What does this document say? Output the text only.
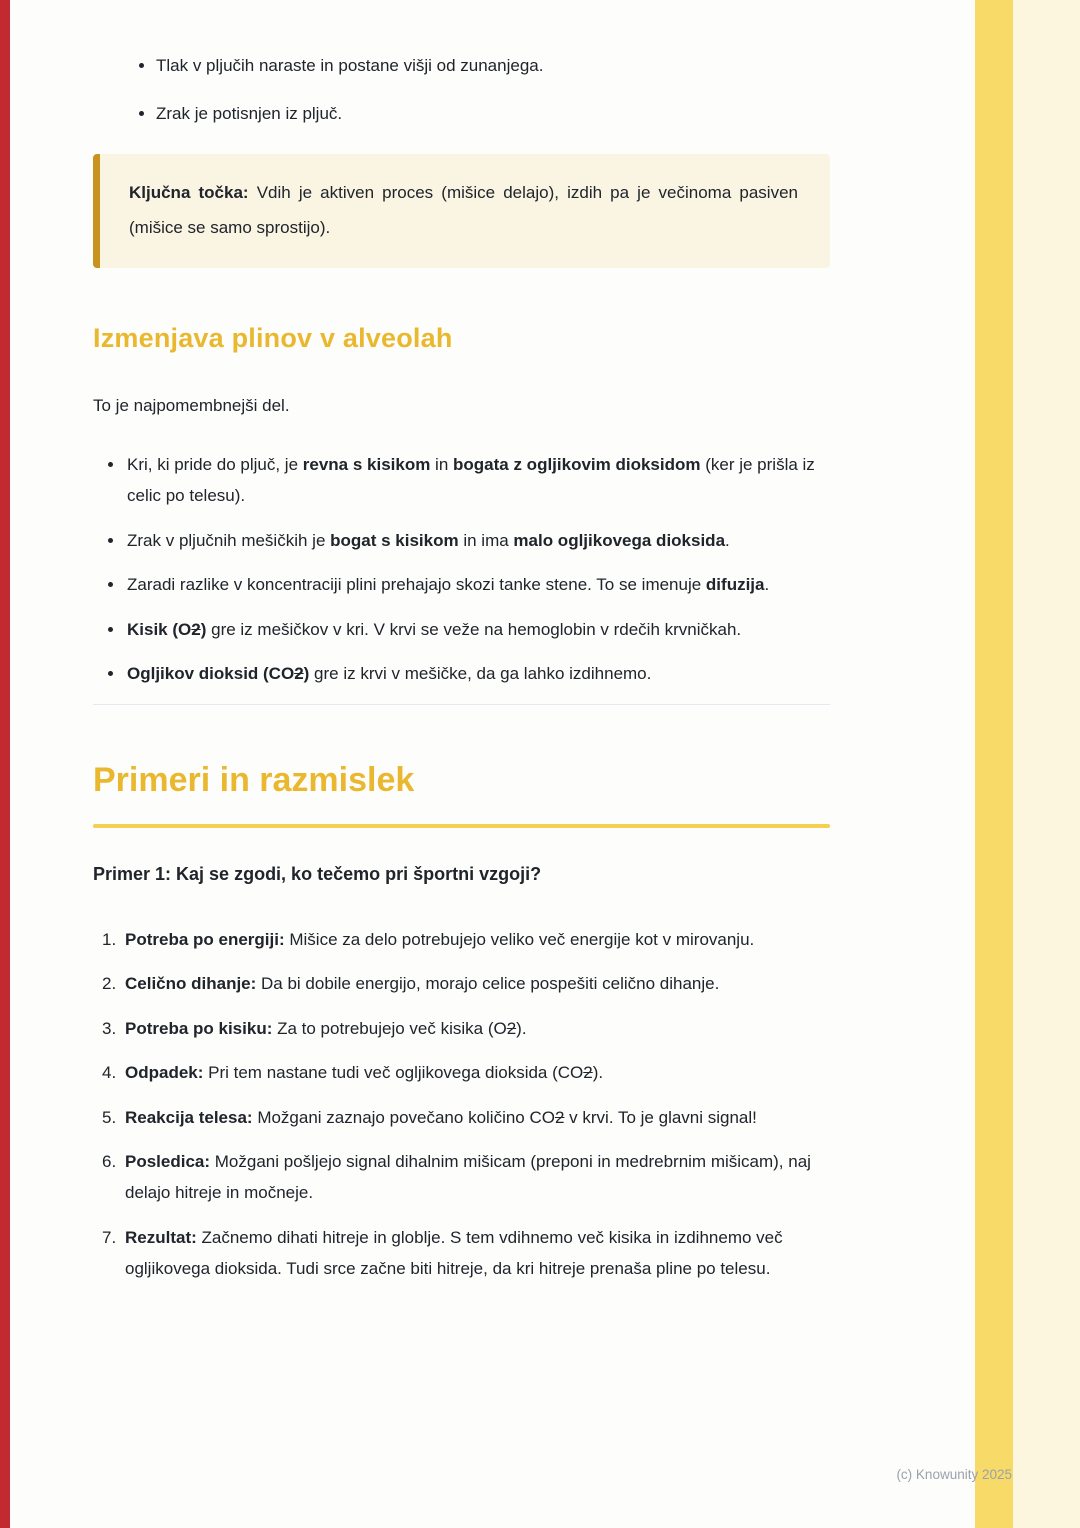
• Tlak v pljučih naraste in postane višji od zunanjega.
• Zrak je potisnjen iz pljuč.

Ključna točka: Vdih je aktiven proces (mišice delajo), izdih pa je večinoma pasiven (mišice se samo sprostijo).

Izmenjava plinov v alveolah

To je najpomembnejši del.

• Kri, ki pride do pljuč, je revna s kisikom in bogata z ogljikovim dioksidom (ker je prišla iz celic po telesu).
• Zrak v pljučnih mešičkih je bogat s kisikom in ima malo ogljikovega dioksida.
• Zaradi razlike v koncentraciji plini prehajajo skozi tanke stene. To se imenuje difuzija.
• Kisik (O2) gre iz mešičkov v kri. V krvi se veže na hemoglobin v rdečih krvničkah.
• Ogljikov dioksid (CO2) gre iz krvi v mešičke, da ga lahko izdihnemo.
Primeri in razmislek

Primer 1: Kaj se zgodi, ko tečemo pri športni vzgoji?

1. Potreba po energiji: Mišice za delo potrebujejo veliko več energije kot v mirovanju.
2. Celično dihanje: Da bi dobile energijo, morajo celice pospešiti celično dihanje.
3. Potreba po kisiku: Za to potrebujejo več kisika (O2).
4. Odpadek: Pri tem nastane tudi več ogljikovega dioksida (CO2).
5. Reakcija telesa: Možgani zaznajo povečano količino CO2 v krvi. To je glavni signal!
6. Posledica: Možgani pošljejo signal dihalnim mišicam (preponi in medrebrnim mišicam), naj delajo hitreje in močneje.
7. Rezultat: Začnemo dihati hitreje in globlje. S tem vdihnemo več kisika in izdihnemo več ogljikovega dioksida. Tudi srce začne biti hitreje, da kri hitreje prenaša pline po telesu.
(c) Knowunity 2025
